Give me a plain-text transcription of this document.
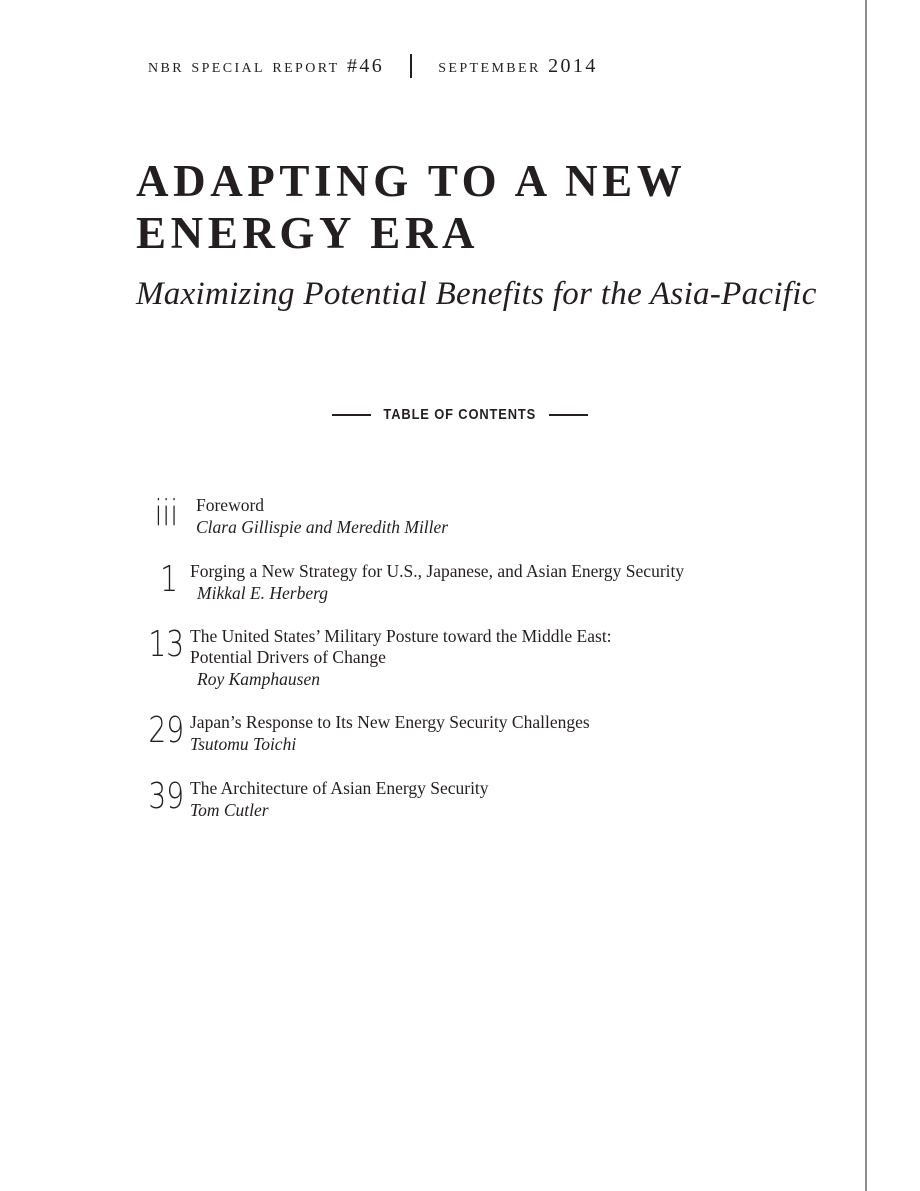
nbr special report #46	september 2014
ADAPTING TO A NEW ENERGY ERA
Maximizing Potential Benefits for the Asia-Pacific
TABLE OF CONTENTS
iii Foreword
Clara Gillispie and Meredith Miller
1 Forging a New Strategy for U.S., Japanese, and Asian Energy Security
Mikkal E. Herberg
13 The United States’ Military Posture toward the Middle East:
Potential Drivers of Change
Roy Kamphausen
29 Japan’s Response to Its New Energy Security Challenges
Tsutomu Toichi
39 The Architecture of Asian Energy Security
Tom Cutler
